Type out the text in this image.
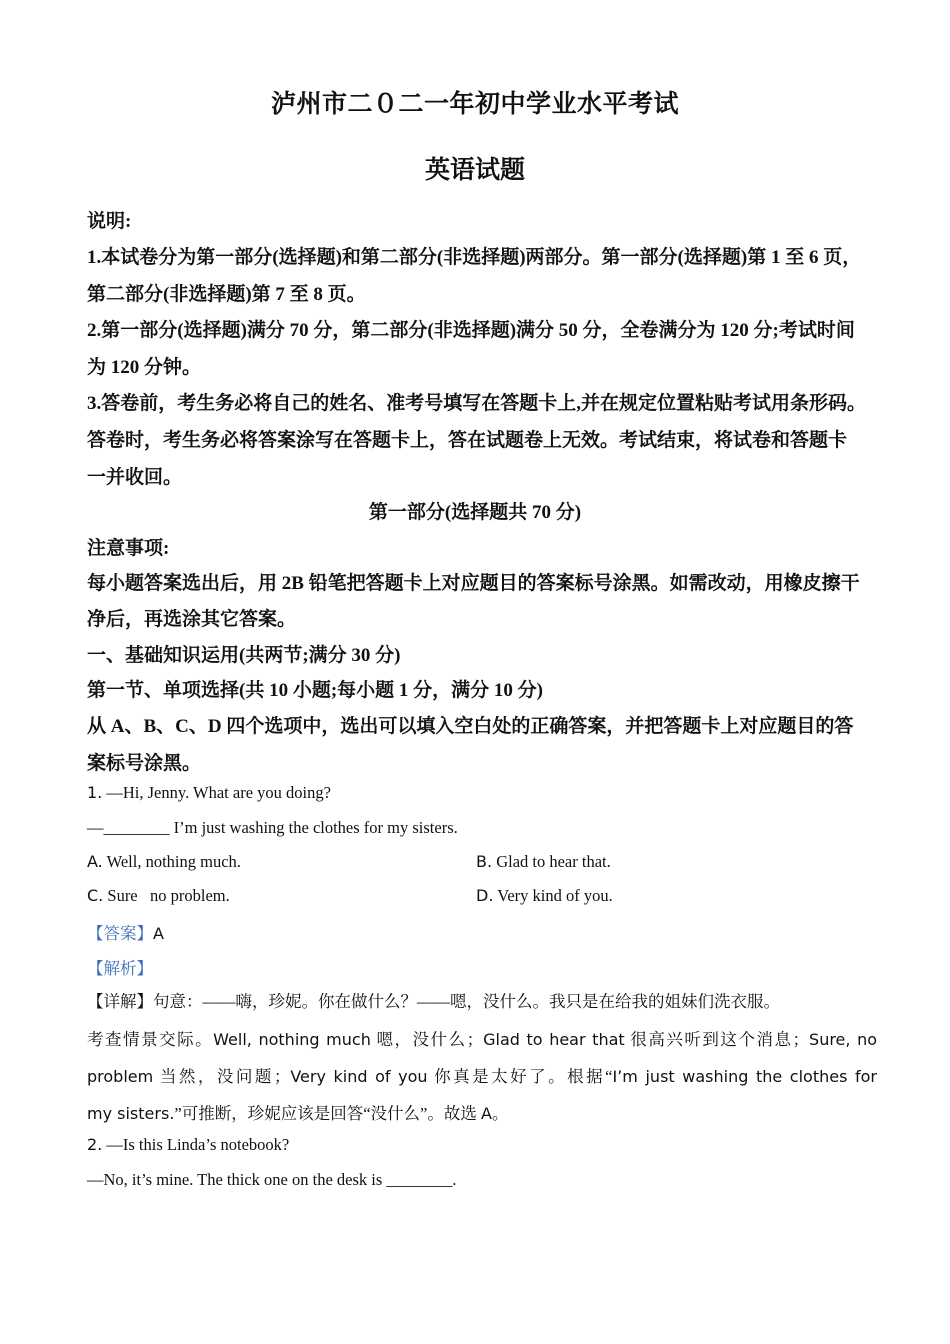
泸州市二０二一年初中学业水平考试
英语试题
说明:
1.本试卷分为第一部分(选择题)和第二部分(非选择题)两部分。第一部分(选择题)第 1 至 6 页，
第二部分(非选择题)第 7 至 8 页。
2.第一部分(选择题)满分 70 分，第二部分(非选择题)满分 50 分，全卷满分为 120 分;考试时间
为 120 分钟。
3.答卷前，考生务必将自己的姓名、准考号填写在答题卡上,并在规定位置粘贴考试用条形码。
答卷时，考生务必将答案涂写在答题卡上，答在试题卷上无效。考试结束，将试卷和答题卡
一并收回。
第一部分(选择题共 70 分)
注意事项:
每小题答案选出后，用 2B 铅笔把答题卡上对应题目的答案标号涂黑。如需改动，用橡皮擦干
净后，再选涂其它答案。
一、基础知识运用(共两节;满分 30 分)
第一节、单项选择(共 10 小题;每小题 1 分，满分 10 分)
从 A、B、C、D 四个选项中，选出可以填入空白处的正确答案，并把答题卡上对应题目的答
案标号涂黑。
1. —Hi, Jenny. What are you doing?
—________ I’m just washing the clothes for my sisters.
A. Well, nothing much.	B. Glad to hear that.
C. Sure   no problem.	D. Very kind of you.
【答案】A
【解析】
【详解】句意：——嗨，珍妮。你在做什么？——嗯，没什么。我只是在给我的姐妹们洗衣服。
考查情景交际。Well, nothing much 嗯，没什么；Glad to hear that 很高兴听到这个消息；Sure, no
problem 当然，没问题；Very kind of you 你真是太好了。根据“I’m just washing the clothes for
my sisters.”可推断，珍妮应该是回答“没什么”。故选 A。
2. —Is this Linda’s notebook?
—No, it’s mine. The thick one on the desk is ________.
